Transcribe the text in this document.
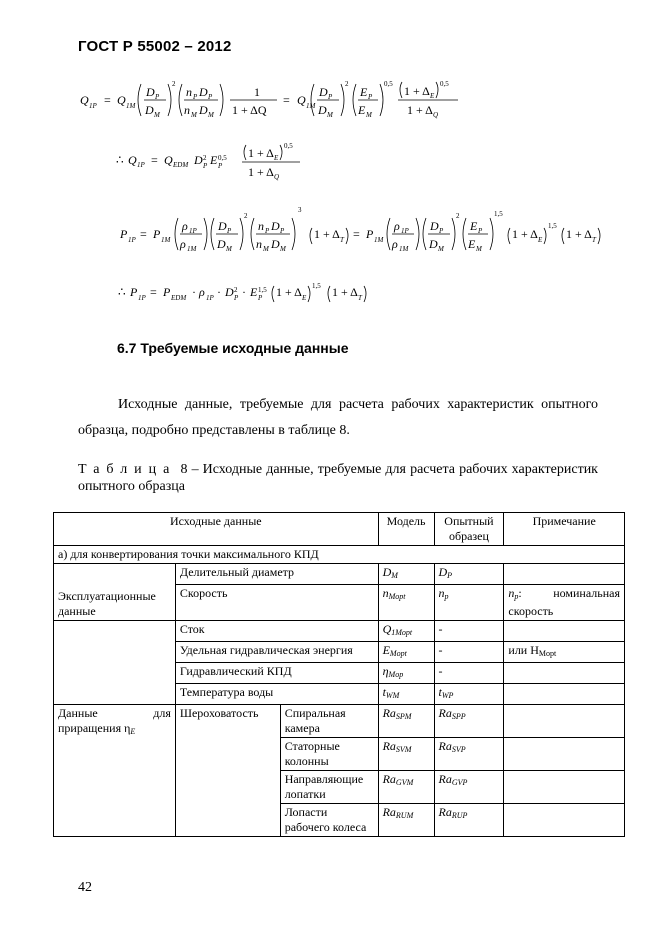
ГОСТ Р 55002 – 2012
Q 1P = Q 1M
D P
D M
2
n P D P
n M D M
1
1 + ΔQ
= Q 1M
D P
D M
2
E P
E M
0,5 1 + Δ E
0,5
1 + Δ Q
∴ Q 1P = Q EDM D 2
P E 0,5
P
1 + Δ E
0,5
1 + Δ Q
P 1P = P 1M
ρ 1P
ρ 1M
D P
D M
2
n P D P
n M D M
3
1 + Δ T = P 1M
ρ 1P
ρ 1M
D P
D M
2
E P
E M
1,5
1 + Δ E
1,5
1 + Δ T
∴ P 1P = P EDM · ρ 1P · D 2
P · E 1,5
P 1 + Δ E
1,5 1 + Δ T
6.7 Требуемые исходные данные
Исходные данные, требуемые для расчета рабочих характеристик опытного образца, подробно представлены в таблице 8.
Таблица 8 – Исходные данные, требуемые для расчета рабочих характеристик опытного образца
Исходные данные			Модель	Опытный образец	Примечание
а) для конвертирования точки максимального КПД					
Эксплуатационные данные	Делительный диаметр		$D_M$	$D_P$	
	Скорость		$n_{Mopt}$	$n_p$	$n_p$: номинальная скорость
	Сток		$Q_{1Mopt}$	-	
	Удельная гидравлическая энергия		$E_{Mopt}$	-	или $H_{Mopt}$
	Гидравлический КПД		$\eta_{Mop}$	-	
	Температура воды		$t_{WM}$	$t_{WP}$	
Данные для приращения $\eta_E$	Шероховатость	Спиральная камера	$Ra_{SPM}$	$Ra_{SPP}$	
		Статорные колонны	$Ra_{SVM}$	$Ra_{SVP}$	
		Направляющие лопатки	$Ra_{GVM}$	$Ra_{GVP}$	
		Лопасти рабочего колеса	$Ra_{RUM}$	$Ra_{RUP}$	
42
